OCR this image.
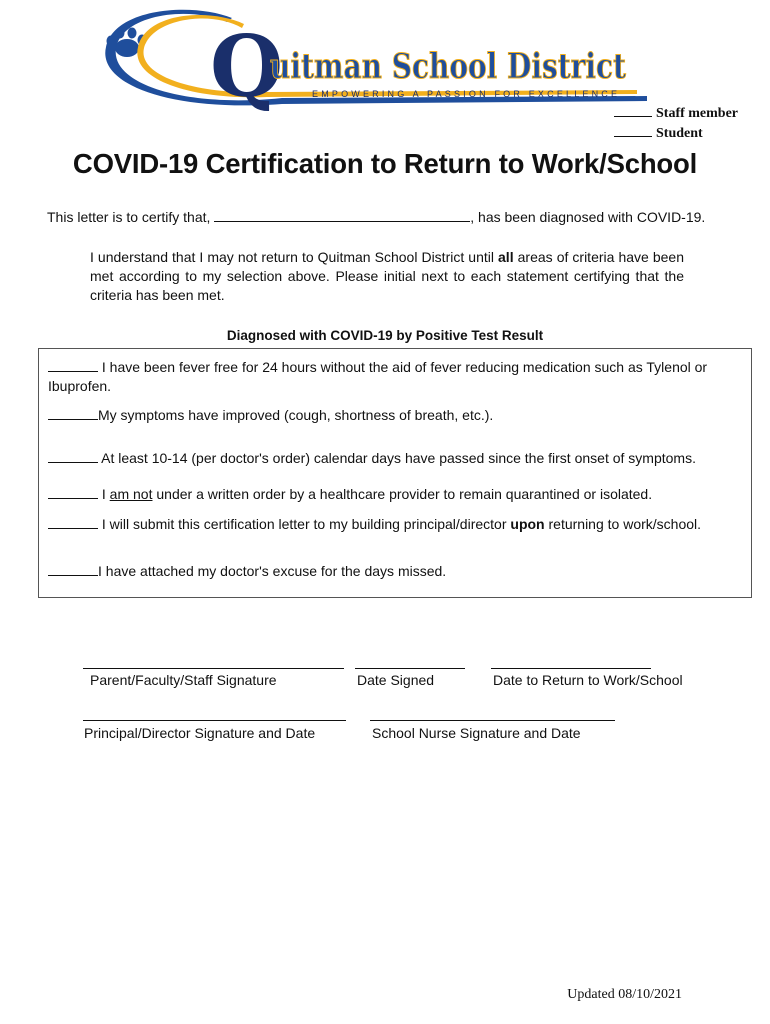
Q
uitman School District
EMPOWERING A PASSION FOR EXCELLENCE
Staff member
Student
COVID-19 Certification to Return to Work/School
This letter is to certify that,	, has been diagnosed with COVID-19.
I understand that I may not return to Quitman School District until all areas of criteria have been met according to my selection above. Please initial next to each statement certifying that the criteria has been met.
Diagnosed with COVID-19 by Positive Test Result
I have been fever free for 24 hours without the aid of fever reducing medication such as Tylenol or Ibuprofen.
My symptoms have improved (cough, shortness of breath, etc.).
At least 10-14 (per doctor's order) calendar days have passed since the first onset of symptoms.
I am not under a written order by a healthcare provider to remain quarantined or isolated.
I will submit this certification letter to my building principal/director upon returning to work/school.
I have attached my doctor's excuse for the days missed.
Parent/Faculty/Staff Signature	Date Signed	Date to Return to Work/School
Principal/Director Signature and Date	School Nurse Signature and Date
Updated 08/10/2021
